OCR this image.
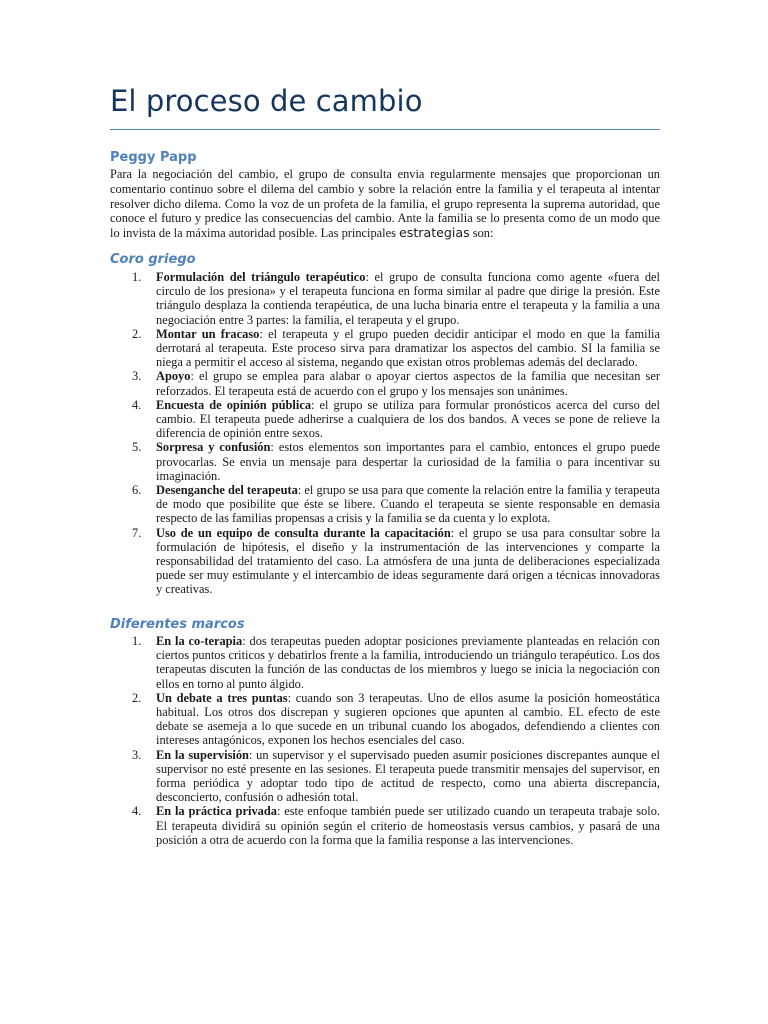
El proceso de cambio
Peggy Papp

Para la negociación del cambio, el grupo de consulta envia regularmente mensajes que proporcionan un comentario continuo sobre el dilema del cambio y sobre la relación entre la familia y el terapeuta al intentar resolver dicho dilema. Como la voz de un profeta de la familia, el grupo representa la suprema autoridad, que conoce el futuro y predice las consecuencias del cambio. Ante la familia se lo presenta como de un modo que lo invista de la máxima autoridad posible. Las principales estrategias son:

Coro griego
1.	Formulación del triángulo terapéutico: el grupo de consulta funciona como agente «fuera del circulo de los presiona» y el terapeuta funciona en forma similar al padre que dirige la presión. Este triángulo desplaza la contienda terapéutica, de una lucha binaria entre el terapeuta y la familia a una negociación entre 3 partes: la familia, el terapeuta y el grupo.
2.	Montar un fracaso: el terapeuta y el grupo pueden decidir anticipar el modo en que la familia derrotará al terapeuta. Este proceso sirva para dramatizar los aspectos del cambio. SI la familia se niega a permitir el acceso al sistema, negando que existan otros problemas además del declarado.
3.	Apoyo: el grupo se emplea para alabar o apoyar ciertos aspectos de la familia que necesitan ser reforzados. El terapeuta está de acuerdo con el grupo y los mensajes son unánimes.
4.	Encuesta de opinión pública: el grupo se utiliza para formular pronósticos acerca del curso del cambio. El terapeuta puede adherirse a cualquiera de los dos bandos. A veces se pone de relieve la diferencia de opinión entre sexos.
5.	Sorpresa y confusión: estos elementos son importantes para el cambio, entonces el grupo puede provocarlas. Se envia un mensaje para despertar la curiosidad de la familia o para incentivar su imaginación.
6.	Desenganche del terapeuta: el grupo se usa para que comente la relación entre la familia y terapeuta de modo que posibilite que éste se libere. Cuando el terapeuta se siente responsable en demasia respecto de las familias propensas a crisis y la familia se da cuenta y lo explota.
7.	Uso de un equipo de consulta durante la capacitación: el grupo se usa para consultar sobre la formulación de hipótesis, el diseño y la instrumentación de las intervenciones y comparte la responsabilidad del tratamiento del caso. La atmósfera de una junta de deliberaciones especializada puede ser muy estimulante y el intercambio de ideas seguramente dará origen a técnicas innovadoras y creativas.
Diferentes marcos
1.	En la co-terapia: dos terapeutas pueden adoptar posiciones previamente planteadas en relación con ciertos puntos criticos y debatirlos frente a la familia, introduciendo un triángulo terapéutico. Los dos terapeutas discuten la función de las conductas de los miembros y luego se inicia la negociación con ellos en torno al punto álgido.
2.	Un debate a tres puntas: cuando son 3 terapeutas. Uno de ellos asume la posición homeostática habitual. Los otros dos discrepan y sugieren opciones que apunten al cambio. EL efecto de este debate se asemeja a lo que sucede en un tribunal cuando los abogados, defendiendo a clientes con intereses antagónicos, exponen los hechos esenciales del caso.
3.	En la supervisión: un supervisor y el supervisado pueden asumir posiciones discrepantes aunque el supervisor no esté presente en las sesiones. El terapeuta puede transmitir mensajes del supervisor, en forma periódica y adoptar todo tipo de actitud de respecto, como una abierta discrepancia, desconcierto, confusión o adhesión total.
4.	En la práctica privada: este enfoque también puede ser utilizado cuando un terapeuta trabaje solo. El terapeuta dividirá su opinión según el criterio de homeostasis versus cambios, y pasará de una posición a otra de acuerdo con la forma que la familia response a las intervenciones.
